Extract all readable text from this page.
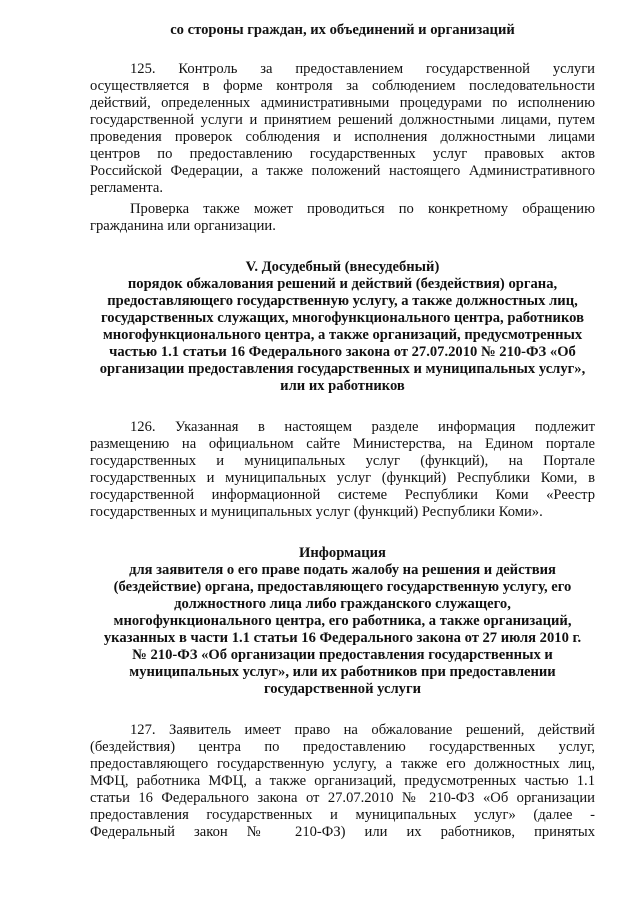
со стороны граждан, их объединений и организаций

125. Контроль за предоставлением государственной услуги
осуществляется в форме контроля за соблюдением последовательности
действий, определенных административными процедурами по исполнению
государственной услуги и принятием решений должностными лицами, путем
проведения проверок соблюдения и исполнения должностными лицами
центров по предоставлению государственных услуг правовых актов
Российской Федерации, а также положений настоящего Административного
регламента.
Проверка также может проводиться по конкретному обращению
гражданина или организации.
V. Досудебный (внесудебный)
порядок обжалования решений и действий (бездействия) органа,
предоставляющего государственную услугу, а также должностных лиц,
государственных служащих, многофункционального центра, работников
многофункционального центра, а также организаций, предусмотренных
частью 1.1 статьи 16 Федерального закона от 27.07.2010 № 210-ФЗ «Об
организации предоставления государственных и муниципальных услуг»,
или их работников
126. Указанная в настоящем разделе информация подлежит
размещению на официальном сайте Министерства, на Едином портале
государственных и муниципальных услуг (функций), на Портале
государственных и муниципальных услуг (функций) Республики Коми, в
государственной информационной системе Республики Коми «Реестр
государственных и муниципальных услуг (функций) Республики Коми».
Информация
для заявителя о его праве подать жалобу на решения и действия
(бездействие) органа, предоставляющего государственную услугу, его
должностного лица либо гражданского служащего,
многофункционального центра, его работника, а также организаций,
указанных в части 1.1 статьи 16 Федерального закона от 27 июля 2010 г.
№ 210-ФЗ «Об организации предоставления государственных и
муниципальных услуг», или их работников при предоставлении
государственной услуги
127. Заявитель имеет право на обжалование решений, действий
(бездействия) центра по предоставлению государственных услуг,
предоставляющего государственную услугу, а также его должностных лиц,
МФЦ, работника МФЦ, а также организаций, предусмотренных частью 1.1
статьи 16 Федерального закона от 27.07.2010 № 210-ФЗ «Об организации
предоставления государственных и муниципальных услуг» (далее -
Федеральный закон № 210-ФЗ) или их работников, принятых
